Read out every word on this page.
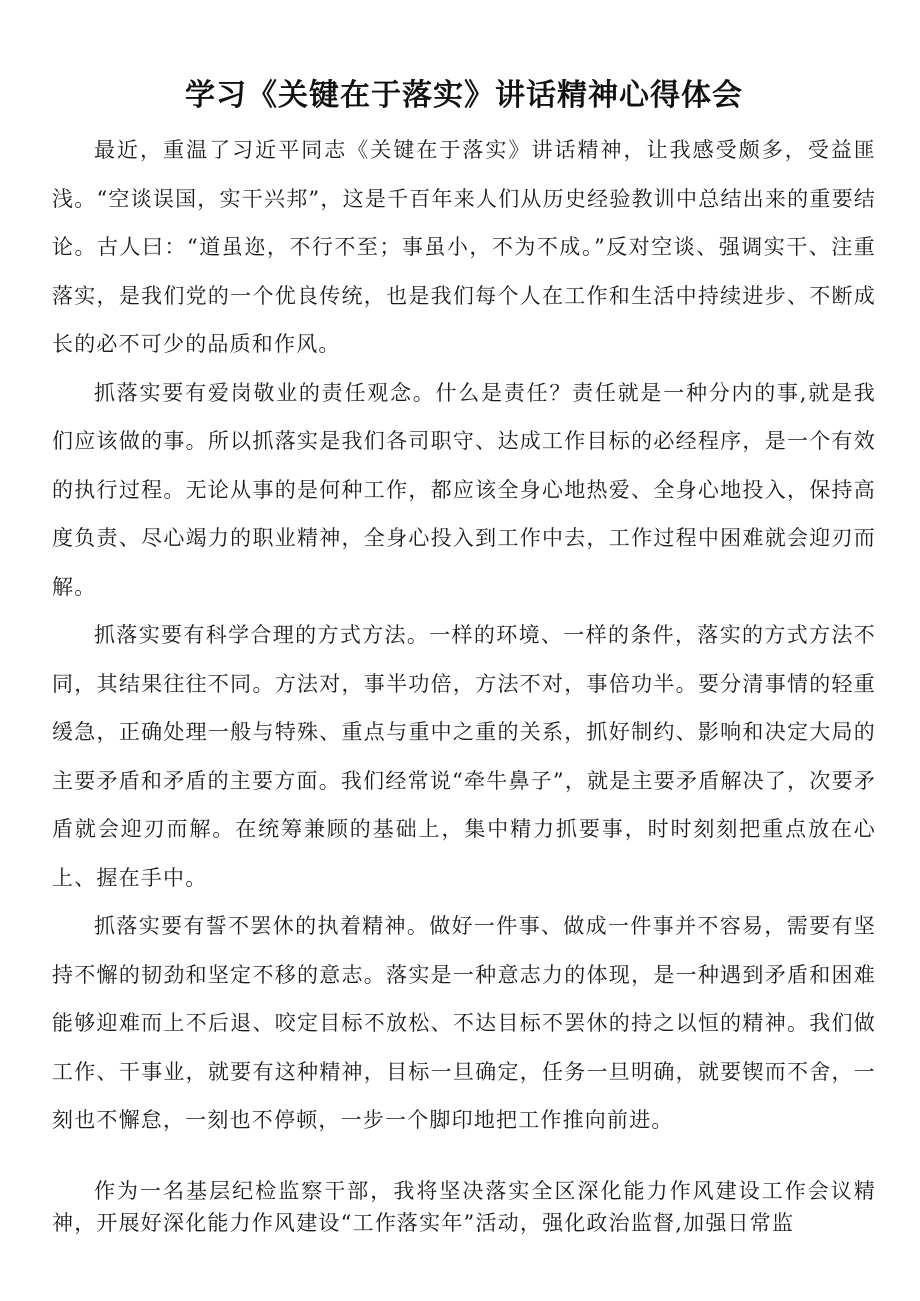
学习《关键在于落实》讲话精神心得体会

最近，重温了习近平同志《关键在于落实》讲话精神，让我感受颇多，受益匪浅。“空谈误国，实干兴邦”，这是千百年来人们从历史经验教训中总结出来的重要结论。古人曰：“道虽迩，不行不至；事虽小，不为不成。”反对空谈、强调实干、注重落实，是我们党的一个优良传统，也是我们每个人在工作和生活中持续进步、不断成长的必不可少的品质和作风。

抓落实要有爱岗敬业的责任观念。什么是责任？责任就是一种分内的事,就是我们应该做的事。所以抓落实是我们各司职守、达成工作目标的必经程序，是一个有效的执行过程。无论从事的是何种工作，都应该全身心地热爱、全身心地投入，保持高度负责、尽心竭力的职业精神，全身心投入到工作中去，工作过程中困难就会迎刃而解。

抓落实要有科学合理的方式方法。一样的环境、一样的条件，落实的方式方法不同，其结果往往不同。方法对，事半功倍，方法不对，事倍功半。要分清事情的轻重缓急，正确处理一般与特殊、重点与重中之重的关系，抓好制约、影响和决定大局的主要矛盾和矛盾的主要方面。我们经常说“牵牛鼻子”，就是主要矛盾解决了，次要矛盾就会迎刃而解。在统筹兼顾的基础上，集中精力抓要事，时时刻刻把重点放在心上、握在手中。

抓落实要有誓不罢休的执着精神。做好一件事、做成一件事并不容易，需要有坚持不懈的韧劲和坚定不移的意志。落实是一种意志力的体现，是一种遇到矛盾和困难能够迎难而上不后退、咬定目标不放松、不达目标不罢休的持之以恒的精神。我们做工作、干事业，就要有这种精神，目标一旦确定，任务一旦明确，就要锲而不舍，一刻也不懈怠，一刻也不停顿，一步一个脚印地把工作推向前进。

作为一名基层纪检监察干部，我将坚决落实全区深化能力作风建设工作会议精神，开展好深化能力作风建设“工作落实年”活动，强化政治监督,加强日常监
